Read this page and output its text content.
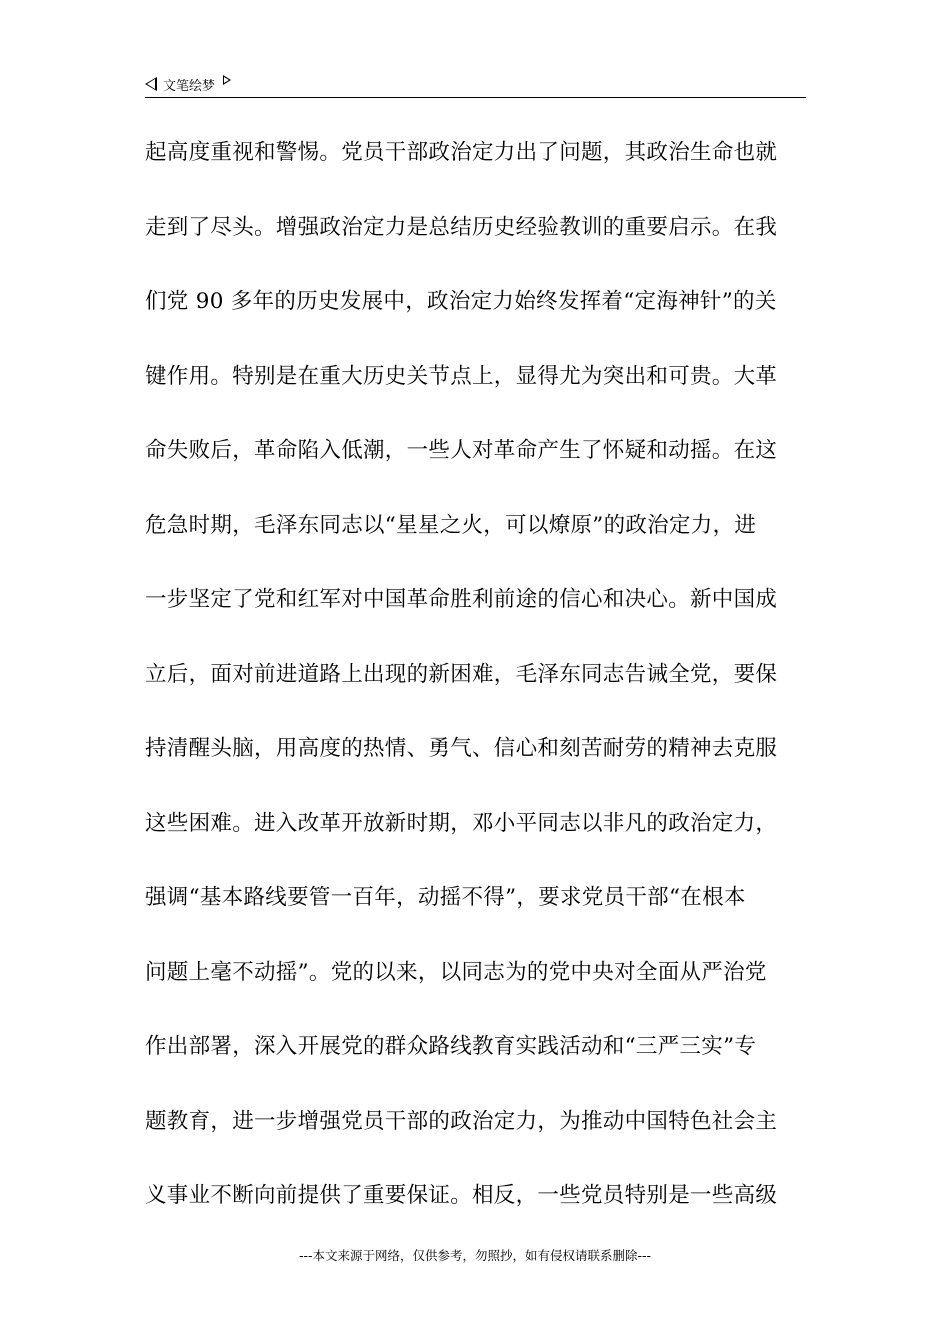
文笔绘梦
起高度重视和警惕。党员干部政治定力出了问题，其政治生命也就
走到了尽头。增强政治定力是总结历史经验教训的重要启示。在我
们党 90 多年的历史发展中，政治定力始终发挥着“定海神针”的关
键作用。特别是在重大历史关节点上，显得尤为突出和可贵。大革
命失败后，革命陷入低潮，一些人对革命产生了怀疑和动摇。在这
危急时期，毛泽东同志以“星星之火，可以燎原”的政治定力，进
一步坚定了党和红军对中国革命胜利前途的信心和决心。新中国成
立后，面对前进道路上出现的新困难，毛泽东同志告诫全党，要保
持清醒头脑，用高度的热情、勇气、信心和刻苦耐劳的精神去克服
这些困难。进入改革开放新时期，邓小平同志以非凡的政治定力，
强调“基本路线要管一百年，动摇不得”，要求党员干部“在根本
问题上毫不动摇”。党的以来，以同志为的党中央对全面从严治党
作出部署，深入开展党的群众路线教育实践活动和“三严三实”专
题教育，进一步增强党员干部的政治定力，为推动中国特色社会主
义事业不断向前提供了重要保证。相反，一些党员特别是一些高级
---本文来源于网络，仅供参考，勿照抄，如有侵权请联系删除---
